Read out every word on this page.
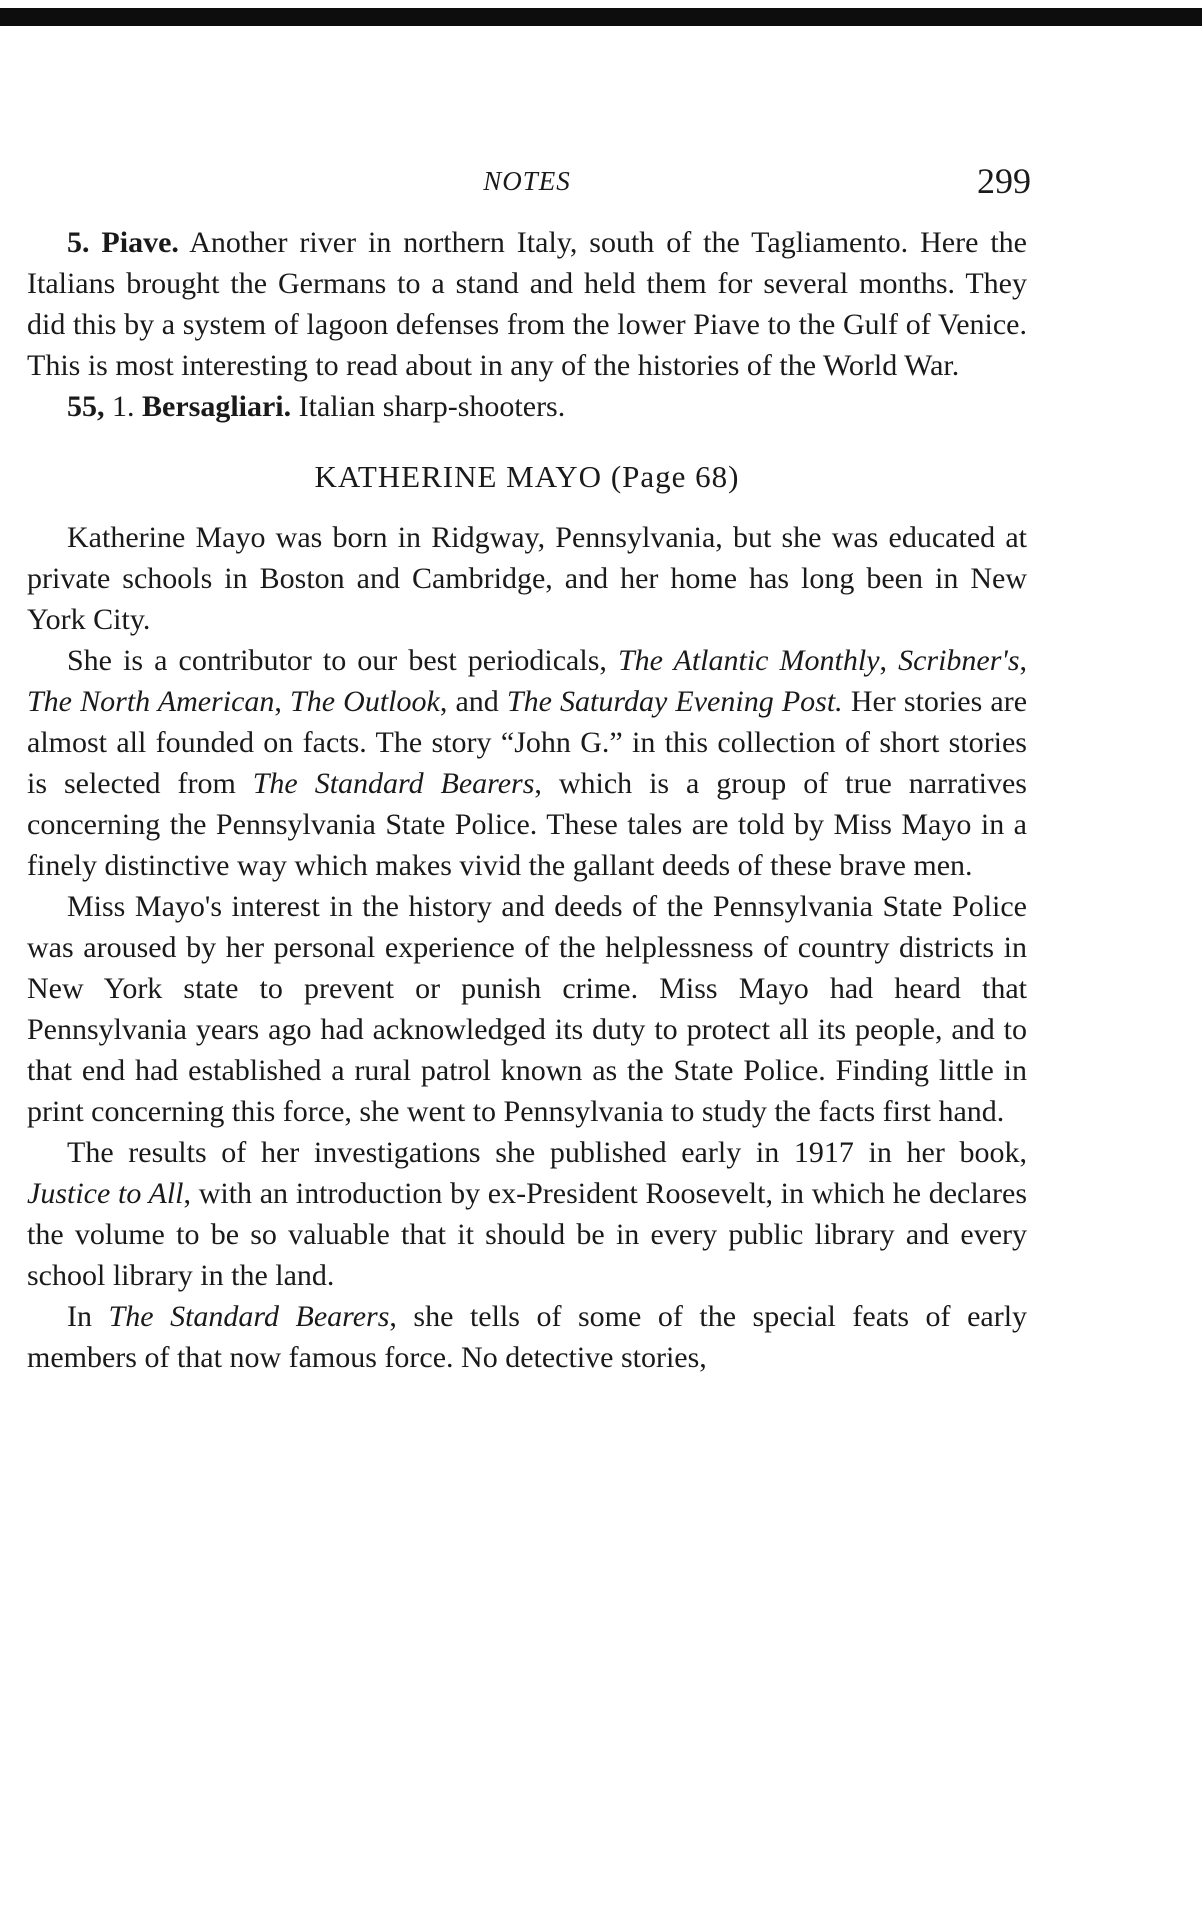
NOTES	299

5. Piave. Another river in northern Italy, south of the Tagliamento. Here the Italians brought the Germans to a stand and held them for several months. They did this by a system of lagoon defenses from the lower Piave to the Gulf of Venice. This is most interesting to read about in any of the histories of the World War.

55, 1. Bersagliari. Italian sharp-shooters.

KATHERINE MAYO (Page 68)

Katherine Mayo was born in Ridgway, Pennsylvania, but she was educated at private schools in Boston and Cambridge, and her home has long been in New York City.

She is a contributor to our best periodicals, The Atlantic Monthly, Scribner's, The North American, The Outlook, and The Saturday Evening Post. Her stories are almost all founded on facts. The story “John G.” in this collection of short stories is selected from The Standard Bearers, which is a group of true narratives concerning the Pennsylvania State Police. These tales are told by Miss Mayo in a finely distinctive way which makes vivid the gallant deeds of these brave men.

Miss Mayo's interest in the history and deeds of the Pennsylvania State Police was aroused by her personal experience of the helplessness of country districts in New York state to prevent or punish crime. Miss Mayo had heard that Pennsylvania years ago had acknowledged its duty to protect all its people, and to that end had established a rural patrol known as the State Police. Finding little in print concerning this force, she went to Pennsylvania to study the facts first hand.

The results of her investigations she published early in 1917 in her book, Justice to All, with an introduction by ex-President Roosevelt, in which he declares the volume to be so valuable that it should be in every public library and every school library in the land.

In The Standard Bearers, she tells of some of the special feats of early members of that now famous force. No detective stories,
